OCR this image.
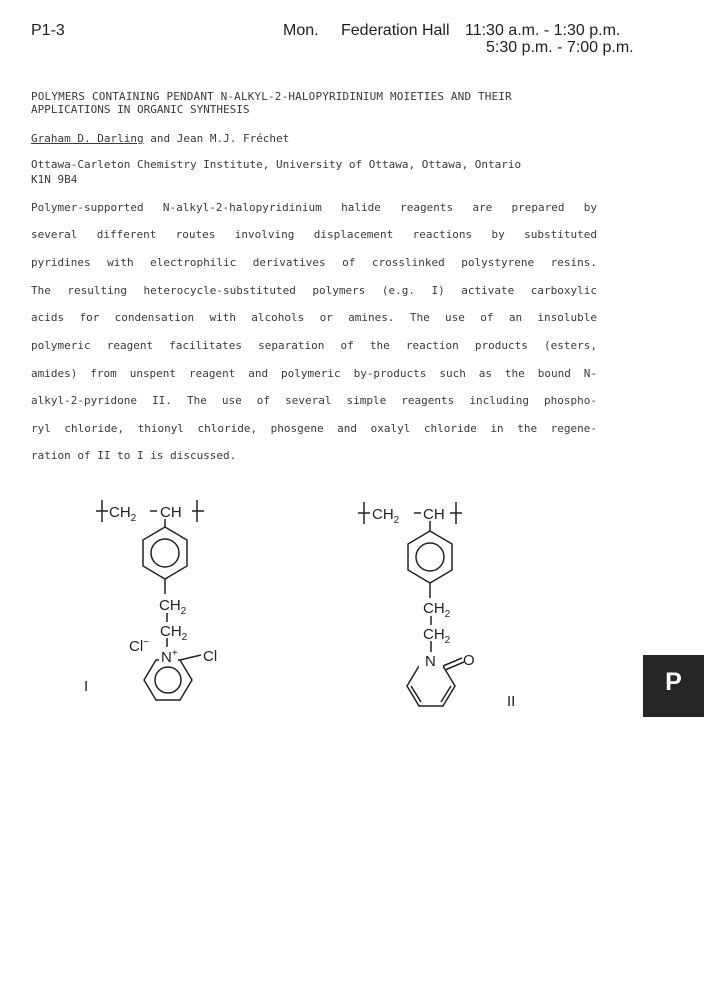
P1-3	Mon. Federation Hall 11:30 a.m. - 1:30 p.m.
5:30 p.m. - 7:00 p.m.
POLYMERS CONTAINING PENDANT N-ALKYL-2-HALOPYRIDINIUM MOIETIES AND THEIR
APPLICATIONS IN ORGANIC SYNTHESIS
Graham D. Darling and Jean M.J. Fréchet
Ottawa-Carleton Chemistry Institute, University of Ottawa, Ottawa, Ontario
K1N 9B4
Polymer-supported N-alkyl-2-halopyridinium halide reagents are prepared by
several different routes involving displacement reactions by substituted
pyridines with electrophilic derivatives of crosslinked polystyrene resins.
The resulting heterocycle-substituted polymers (e.g. I) activate carboxylic
acids for condensation with alcohols or amines. The use of an insoluble
polymeric reagent facilitates separation of the reaction products (esters,
amides) from unspent reagent and polymeric by-products such as the bound N-
alkyl-2-pyridone II. The use of several simple reagents including phospho-
ryl chloride, thionyl chloride, phosgene and oxalyl chloride in the regene-
ration of II to I is discussed.
$CH_2$ CH
$CH_2$
$CH_2$
Cl−
N+ Cl
I
$CH_2$ CH
$CH_2$
$CH_2$
N O
II
P
